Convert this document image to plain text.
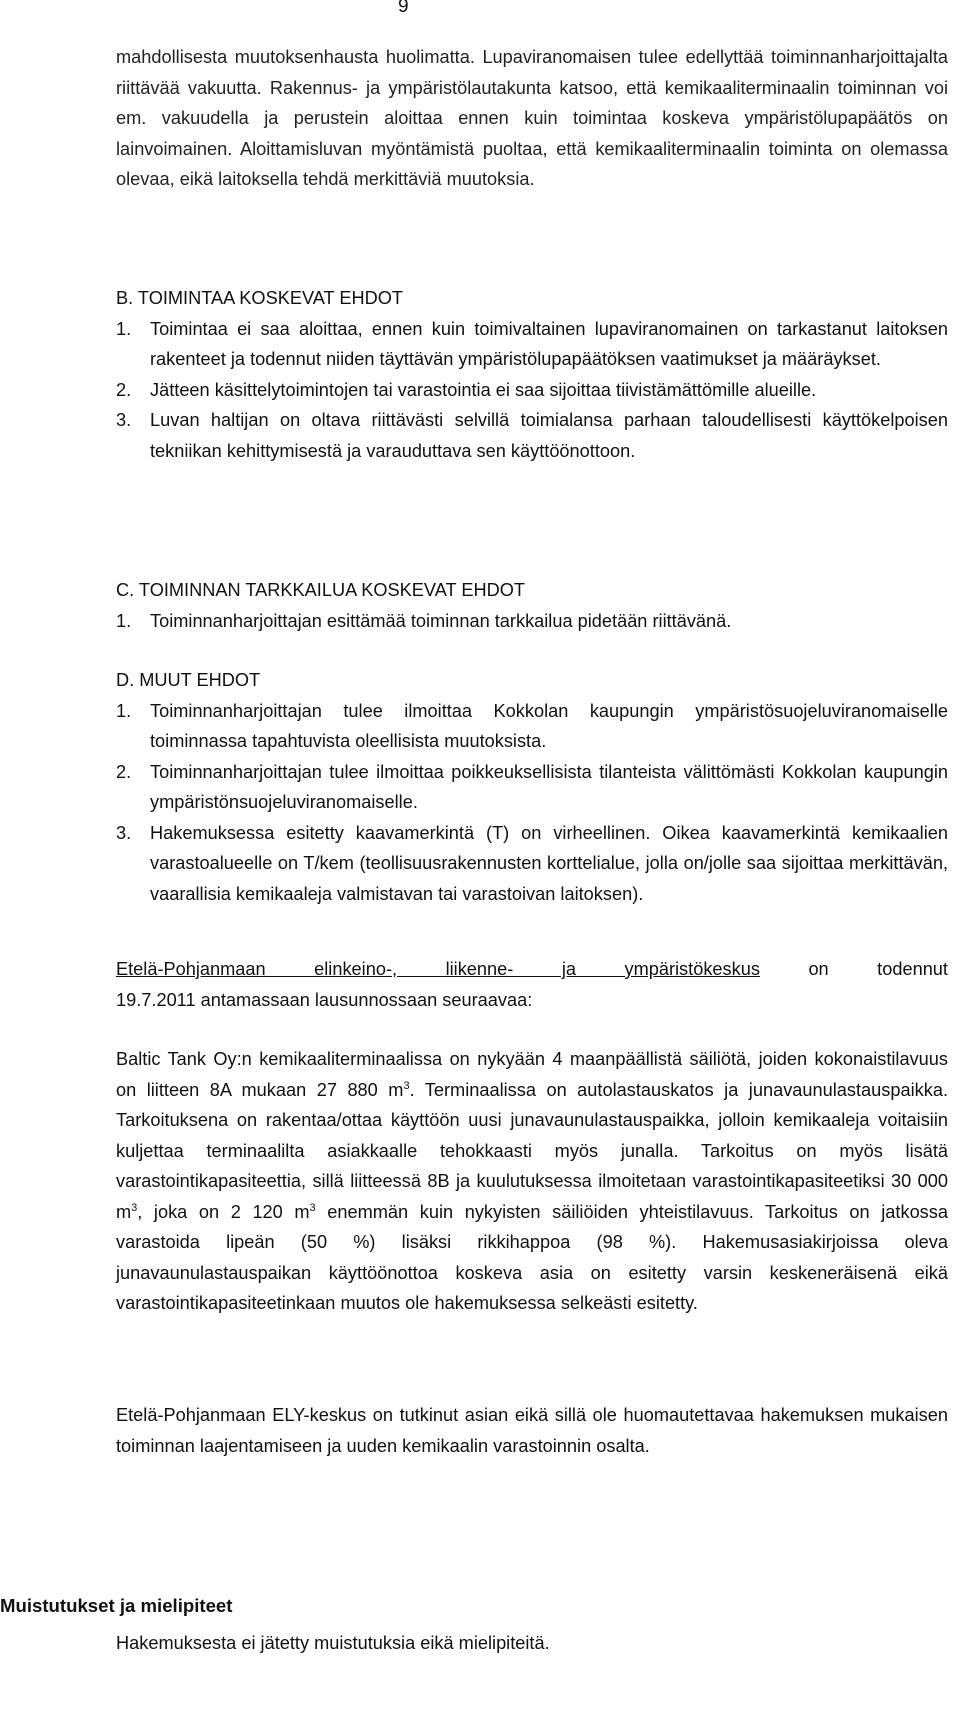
9

mahdollisesta muutoksenhausta huolimatta. Lupaviranomaisen tulee edellyttää toiminnanharjoittajalta riittävää vakuutta. Rakennus- ja ympäristölautakunta katsoo, että kemikaaliterminaalin toiminnan voi em. vakuudella ja perustein aloittaa ennen kuin toimintaa koskeva ympäristölupapäätös on lainvoimainen. Aloittamisluvan myöntämistä puoltaa, että kemikaaliterminaalin toiminta on olemassa olevaa, eikä laitoksella tehdä merkittäviä muutoksia.

B. TOIMINTAA KOSKEVAT EHDOT
1.	Toimintaa ei saa aloittaa, ennen kuin toimivaltainen lupaviranomainen on tarkastanut laitoksen rakenteet ja todennut niiden täyttävän ympäristölupapäätöksen vaatimukset ja määräykset.
2.	Jätteen käsittelytoimintojen tai varastointia ei saa sijoittaa tiivistämättömille alueille.
3.	Luvan haltijan on oltava riittävästi selvillä toimialansa parhaan taloudellisesti käyttökelpoisen tekniikan kehittymisestä ja varauduttava sen käyttöönottoon.
C. TOIMINNAN TARKKAILUA KOSKEVAT EHDOT
1.	Toiminnanharjoittajan esittämää toiminnan tarkkailua pidetään riittävänä.
D. MUUT EHDOT
1.	Toiminnanharjoittajan tulee ilmoittaa Kokkolan kaupungin ympäristösuojeluviranomaiselle toiminnassa tapahtuvista oleellisista muutoksista.
2.	Toiminnanharjoittajan tulee ilmoittaa poikkeuksellisista tilanteista välittömästi Kokkolan kaupungin ympäristönsuojeluviranomaiselle.
3.	Hakemuksessa esitetty kaavamerkintä (T) on virheellinen. Oikea kaavamerkintä kemikaalien varastoalueelle on T/kem (teollisuusrakennusten korttelialue, jolla on/jolle saa sijoittaa merkittävän, vaarallisia kemikaaleja valmistavan tai varastoivan laitoksen).
Etelä-Pohjanmaan elinkeino-, liikenne- ja ympäristökeskus	on todennut
19.7.2011 antamassaan lausunnossaan seuraavaa:

Baltic Tank Oy:n kemikaaliterminaalissa on nykyään 4 maanpäällistä säiliötä, joiden kokonaistilavuus on liitteen 8A mukaan 27 880 $m^3$. Terminaalissa on autolastauskatos ja junavaunulastauspaikka. Tarkoituksena on rakentaa/ottaa käyttöön uusi junavaunulastauspaikka, jolloin kemikaaleja voitaisiin kuljettaa terminaalilta asiakkaalle tehokkaasti myös junalla. Tarkoitus on myös lisätä varastointikapasiteettia, sillä liitteessä 8B ja kuulutuksessa ilmoitetaan varastointikapasiteetiksi 30 000 $m^3$, joka on 2 120 $m^3$ enemmän kuin nykyisten säiliöiden yhteistilavuus. Tarkoitus on jatkossa varastoida lipeän (50 %) lisäksi rikkihappoa (98 %). Hakemusasiakirjoissa oleva junavaunulastauspaikan käyttöönottoa koskeva asia on esitetty varsin keskeneräisenä eikä varastointikapasiteetinkaan muutos ole hakemuksessa selkeästi esitetty.

Etelä-Pohjanmaan ELY-keskus on tutkinut asian eikä sillä ole huomautettavaa hakemuksen mukaisen toiminnan laajentamiseen ja uuden kemikaalin varastoinnin osalta.

Muistutukset ja mielipiteet

Hakemuksesta ei jätetty muistutuksia eikä mielipiteitä.
